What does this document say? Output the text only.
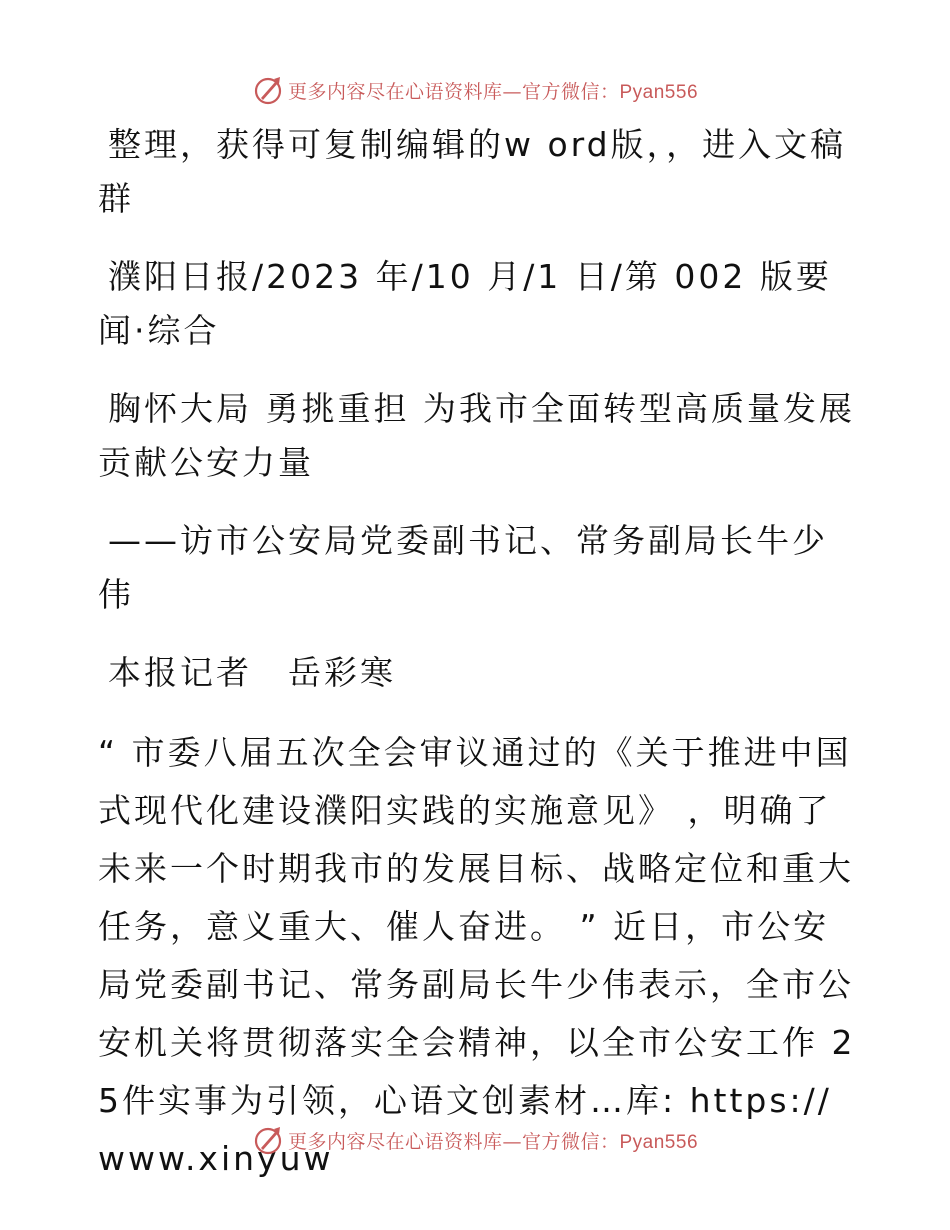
更多内容尽在心语资料库—官方微信：Pyan556

整理，获得可复制编辑的w ord版，，进入文稿群

濮阳日报/2023 年/10 月/1 日/第 002 版要闻·综合

胸怀大局 勇挑重担 为我市全面转型高质量发展贡献公安力量

——访市公安局党委副书记、常务副局长牛少伟

本报记者　岳彩寒

“ 市委八届五次全会审议通过的《关于推进中国式现代化建设濮阳实践的实施意见》 ，明确了未来一个时期我市的发展目标、战略定位和重大任务，意义重大、催人奋进。 ” 近日，市公安局党委副书记、常务副局长牛少伟表示，全市公安机关将贯彻落实全会精神，以全市公安工作 25件实事为引领，心语文创素材…库: https://www.xinyuw

更多内容尽在心语资料库—官方微信：Pyan556
